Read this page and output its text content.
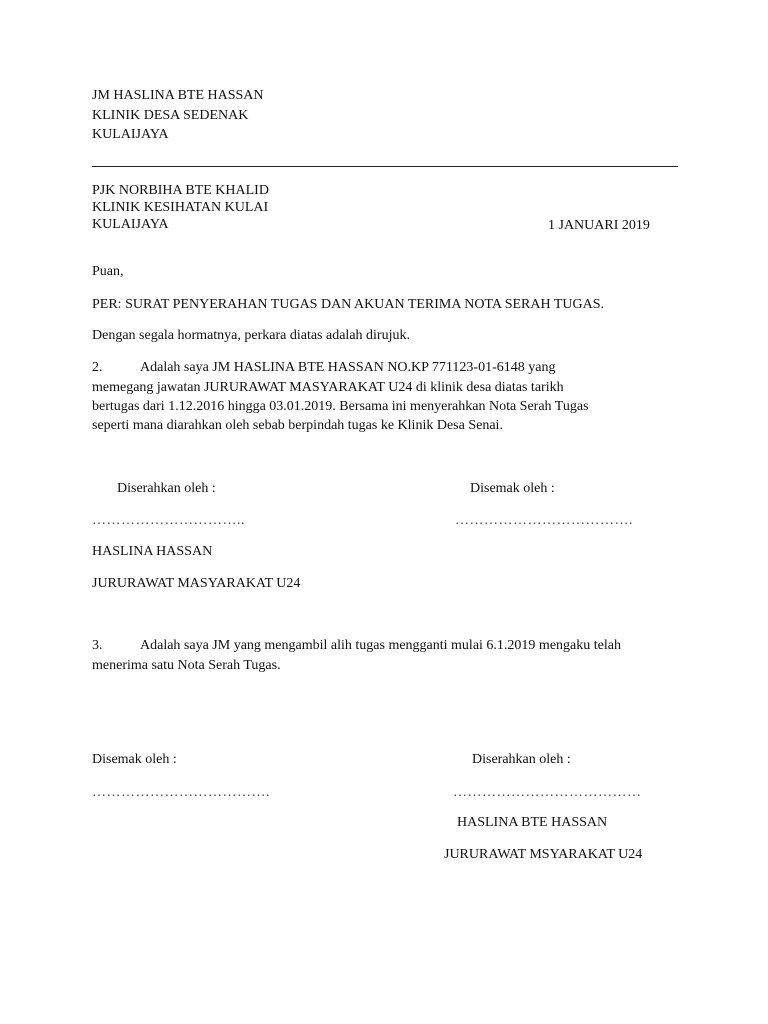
JM HASLINA BTE HASSAN
KLINIK DESA SEDENAK
KULAIJAYA
PJK NORBIHA BTE KHALID
KLINIK KESIHATAN KULAI
KULAIJAYA	1 JANUARI 2019
Puan,
PER: SURAT PENYERAHAN TUGAS DAN AKUAN TERIMA NOTA SERAH TUGAS.
Dengan segala hormatnya, perkara diatas adalah dirujuk.
2.	Adalah saya JM HASLINA BTE HASSAN NO.KP 771123-01-6148 yang
memegang jawatan JURURAWAT MASYARAKAT U24 di klinik desa diatas tarikh
bertugas dari 1.12.2016 hingga 03.01.2019. Bersama ini menyerahkan Nota Serah Tugas
seperti mana diarahkan oleh sebab berpindah tugas ke Klinik Desa Senai.
Diserahkan oleh :	Disemak oleh :
…………………………..	……………………………….
HASLINA HASSAN
JURURAWAT MASYARAKAT U24
3.	Adalah saya JM yang mengambil alih tugas mengganti mulai 6.1.2019 mengaku telah
menerima satu Nota Serah Tugas.
Disemak oleh :	Diserahkan oleh :
……………………………….	…………………………………
HASLINA BTE HASSAN
JURURAWAT MSYARAKAT U24
